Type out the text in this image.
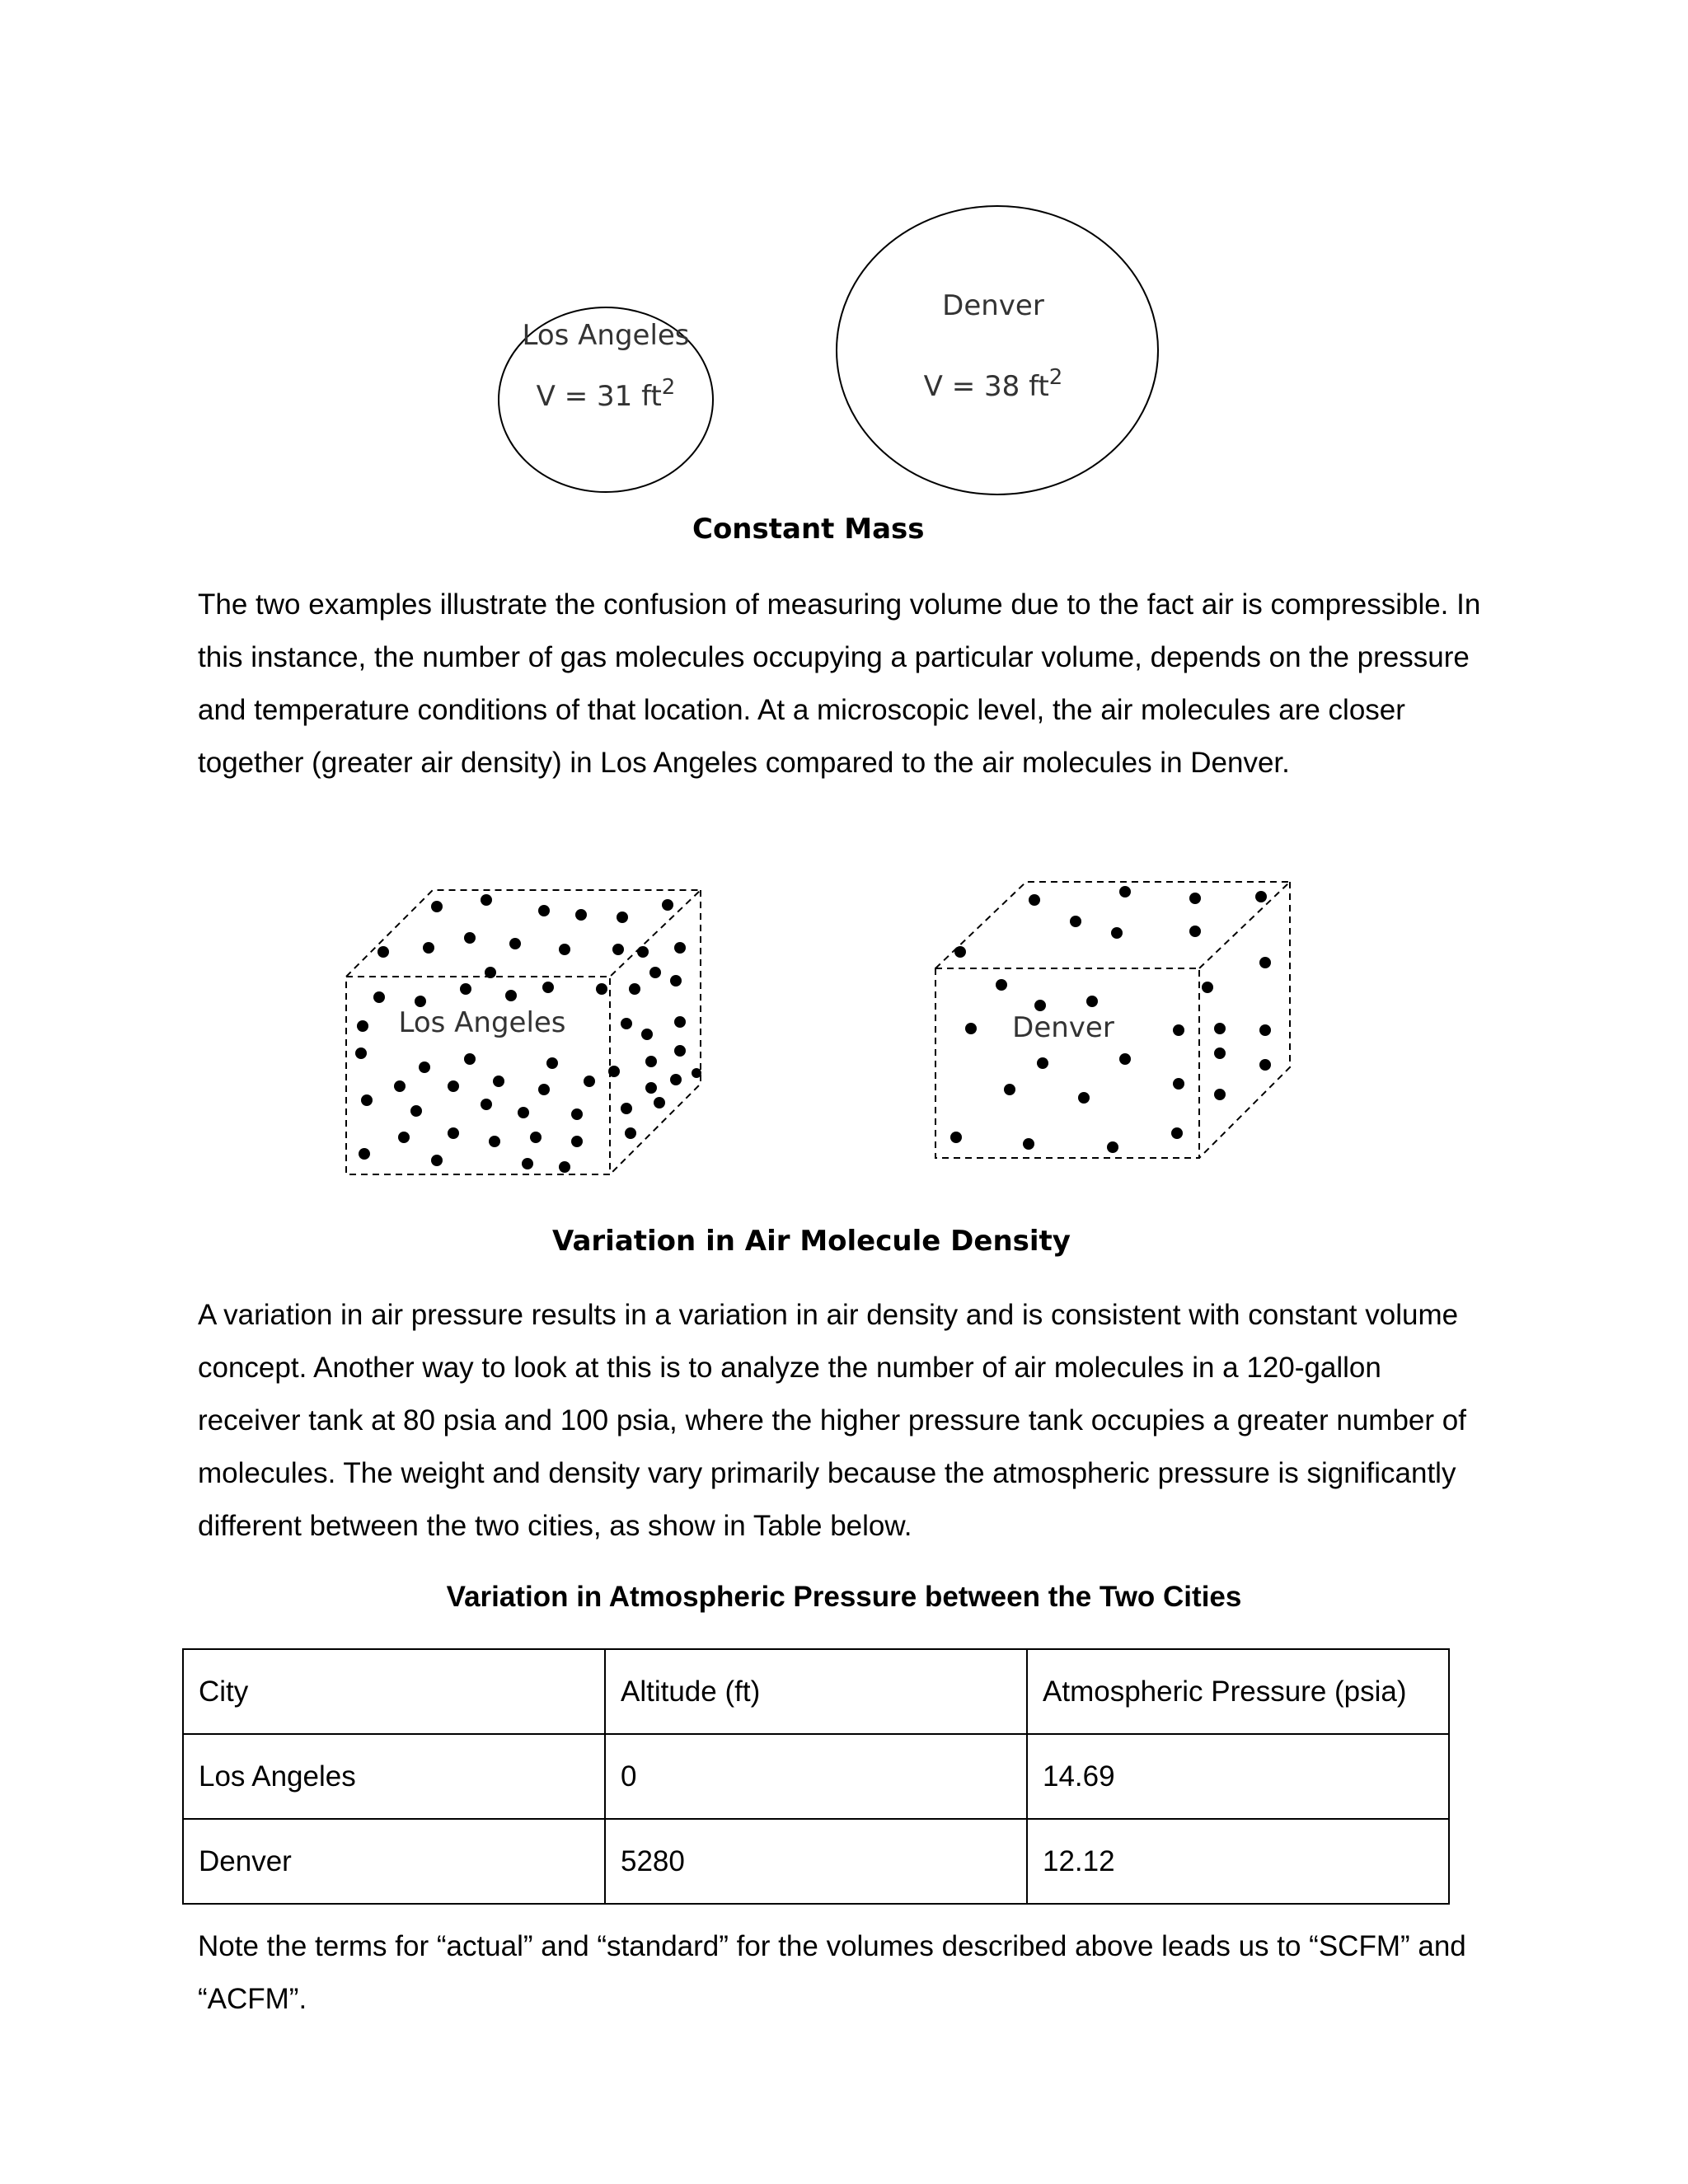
Los Angeles
V = 31 $ft^2$
Denver
V = 38 $ft^2$
Constant Mass

The two examples illustrate the confusion of measuring volume due to the fact air is compressible. In this instance, the number of gas molecules occupying a particular volume, depends on the pressure and temperature conditions of that location. At a microscopic level, the air molecules are closer together (greater air density) in Los Angeles compared to the air molecules in Denver.

Los Angeles	Denver
Variation in Air Molecule Density

A variation in air pressure results in a variation in air density and is consistent with constant volume concept. Another way to look at this is to analyze the number of air molecules in a 120-gallon receiver tank at 80 psia and 100 psia, where the higher pressure tank occupies a greater number of molecules. The weight and density vary primarily because the atmospheric pressure is significantly different between the two cities, as show in Table below.

Variation in Atmospheric Pressure between the Two Cities
City	Altitude (ft)	Atmospheric Pressure (psia)
Los Angeles	0	14.69
Denver	5280	12.12

Note the terms for “actual” and “standard” for the volumes described above leads us to “SCFM” and “ACFM”.
